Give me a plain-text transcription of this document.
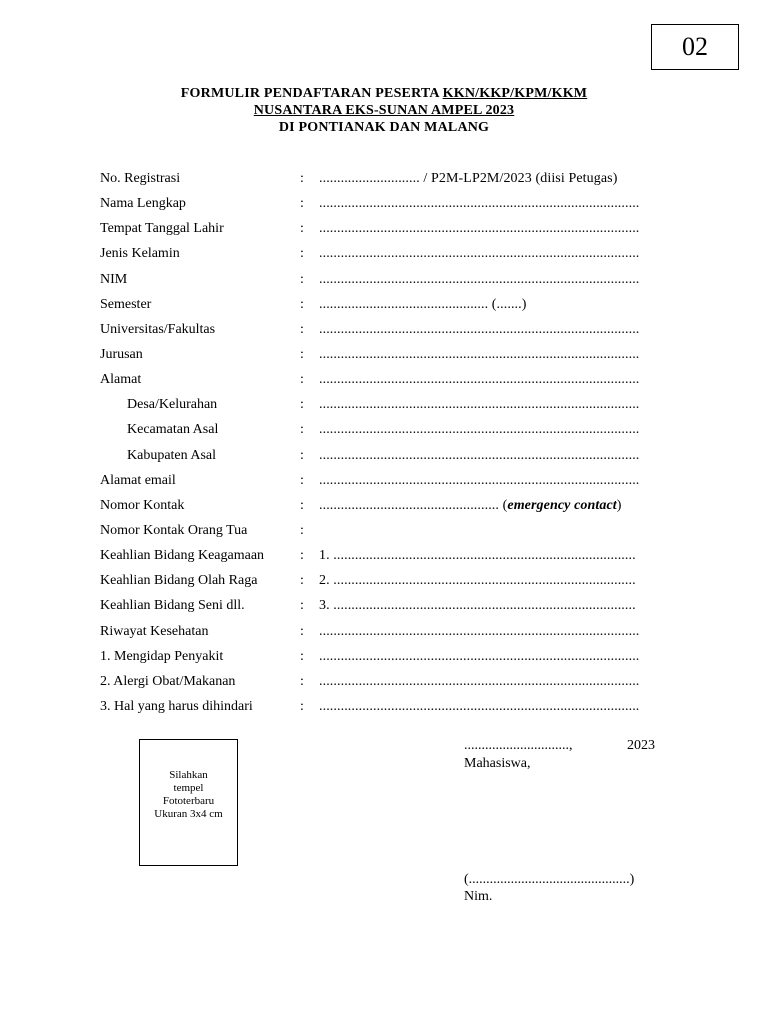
02
FORMULIR PENDAFTARAN PESERTA KKN/KKP/KPM/KKM
NUSANTARA EKS-SUNAN AMPEL 2023
DI PONTIANAK DAN MALANG
No. Registrasi	: ............................ / P2M-LP2M/2023 (diisi Petugas)
Nama Lengkap	: .........................................................................................
Tempat Tanggal Lahir	: .........................................................................................
Jenis Kelamin	: .........................................................................................
NIM	: .........................................................................................
Semester	: ............................................... (.......)
Universitas/Fakultas	: .........................................................................................
Jurusan	: .........................................................................................
Alamat	: .........................................................................................
Desa/Kelurahan	: .........................................................................................
Kecamatan Asal	: .........................................................................................
Kabupaten Asal	: .........................................................................................
Alamat email	: .........................................................................................
Nomor Kontak	: .................................................. (emergency contact)
Nomor Kontak Orang Tua	:
Keahlian Bidang Keagamaan	: 1. ....................................................................................
Keahlian Bidang Olah Raga	: 2. ....................................................................................
Keahlian Bidang Seni dll.	: 3. ....................................................................................
Riwayat Kesehatan	: .........................................................................................
1. Mengidap Penyakit	: .........................................................................................
2. Alergi Obat/Makanan	: .........................................................................................
3. Hal yang harus dihindari	: .........................................................................................
Silahkan
tempel
Fototerbaru
Ukuran 3x4 cm
..............................,	2023
Mahasiswa,
(..............................................)
Nim.
